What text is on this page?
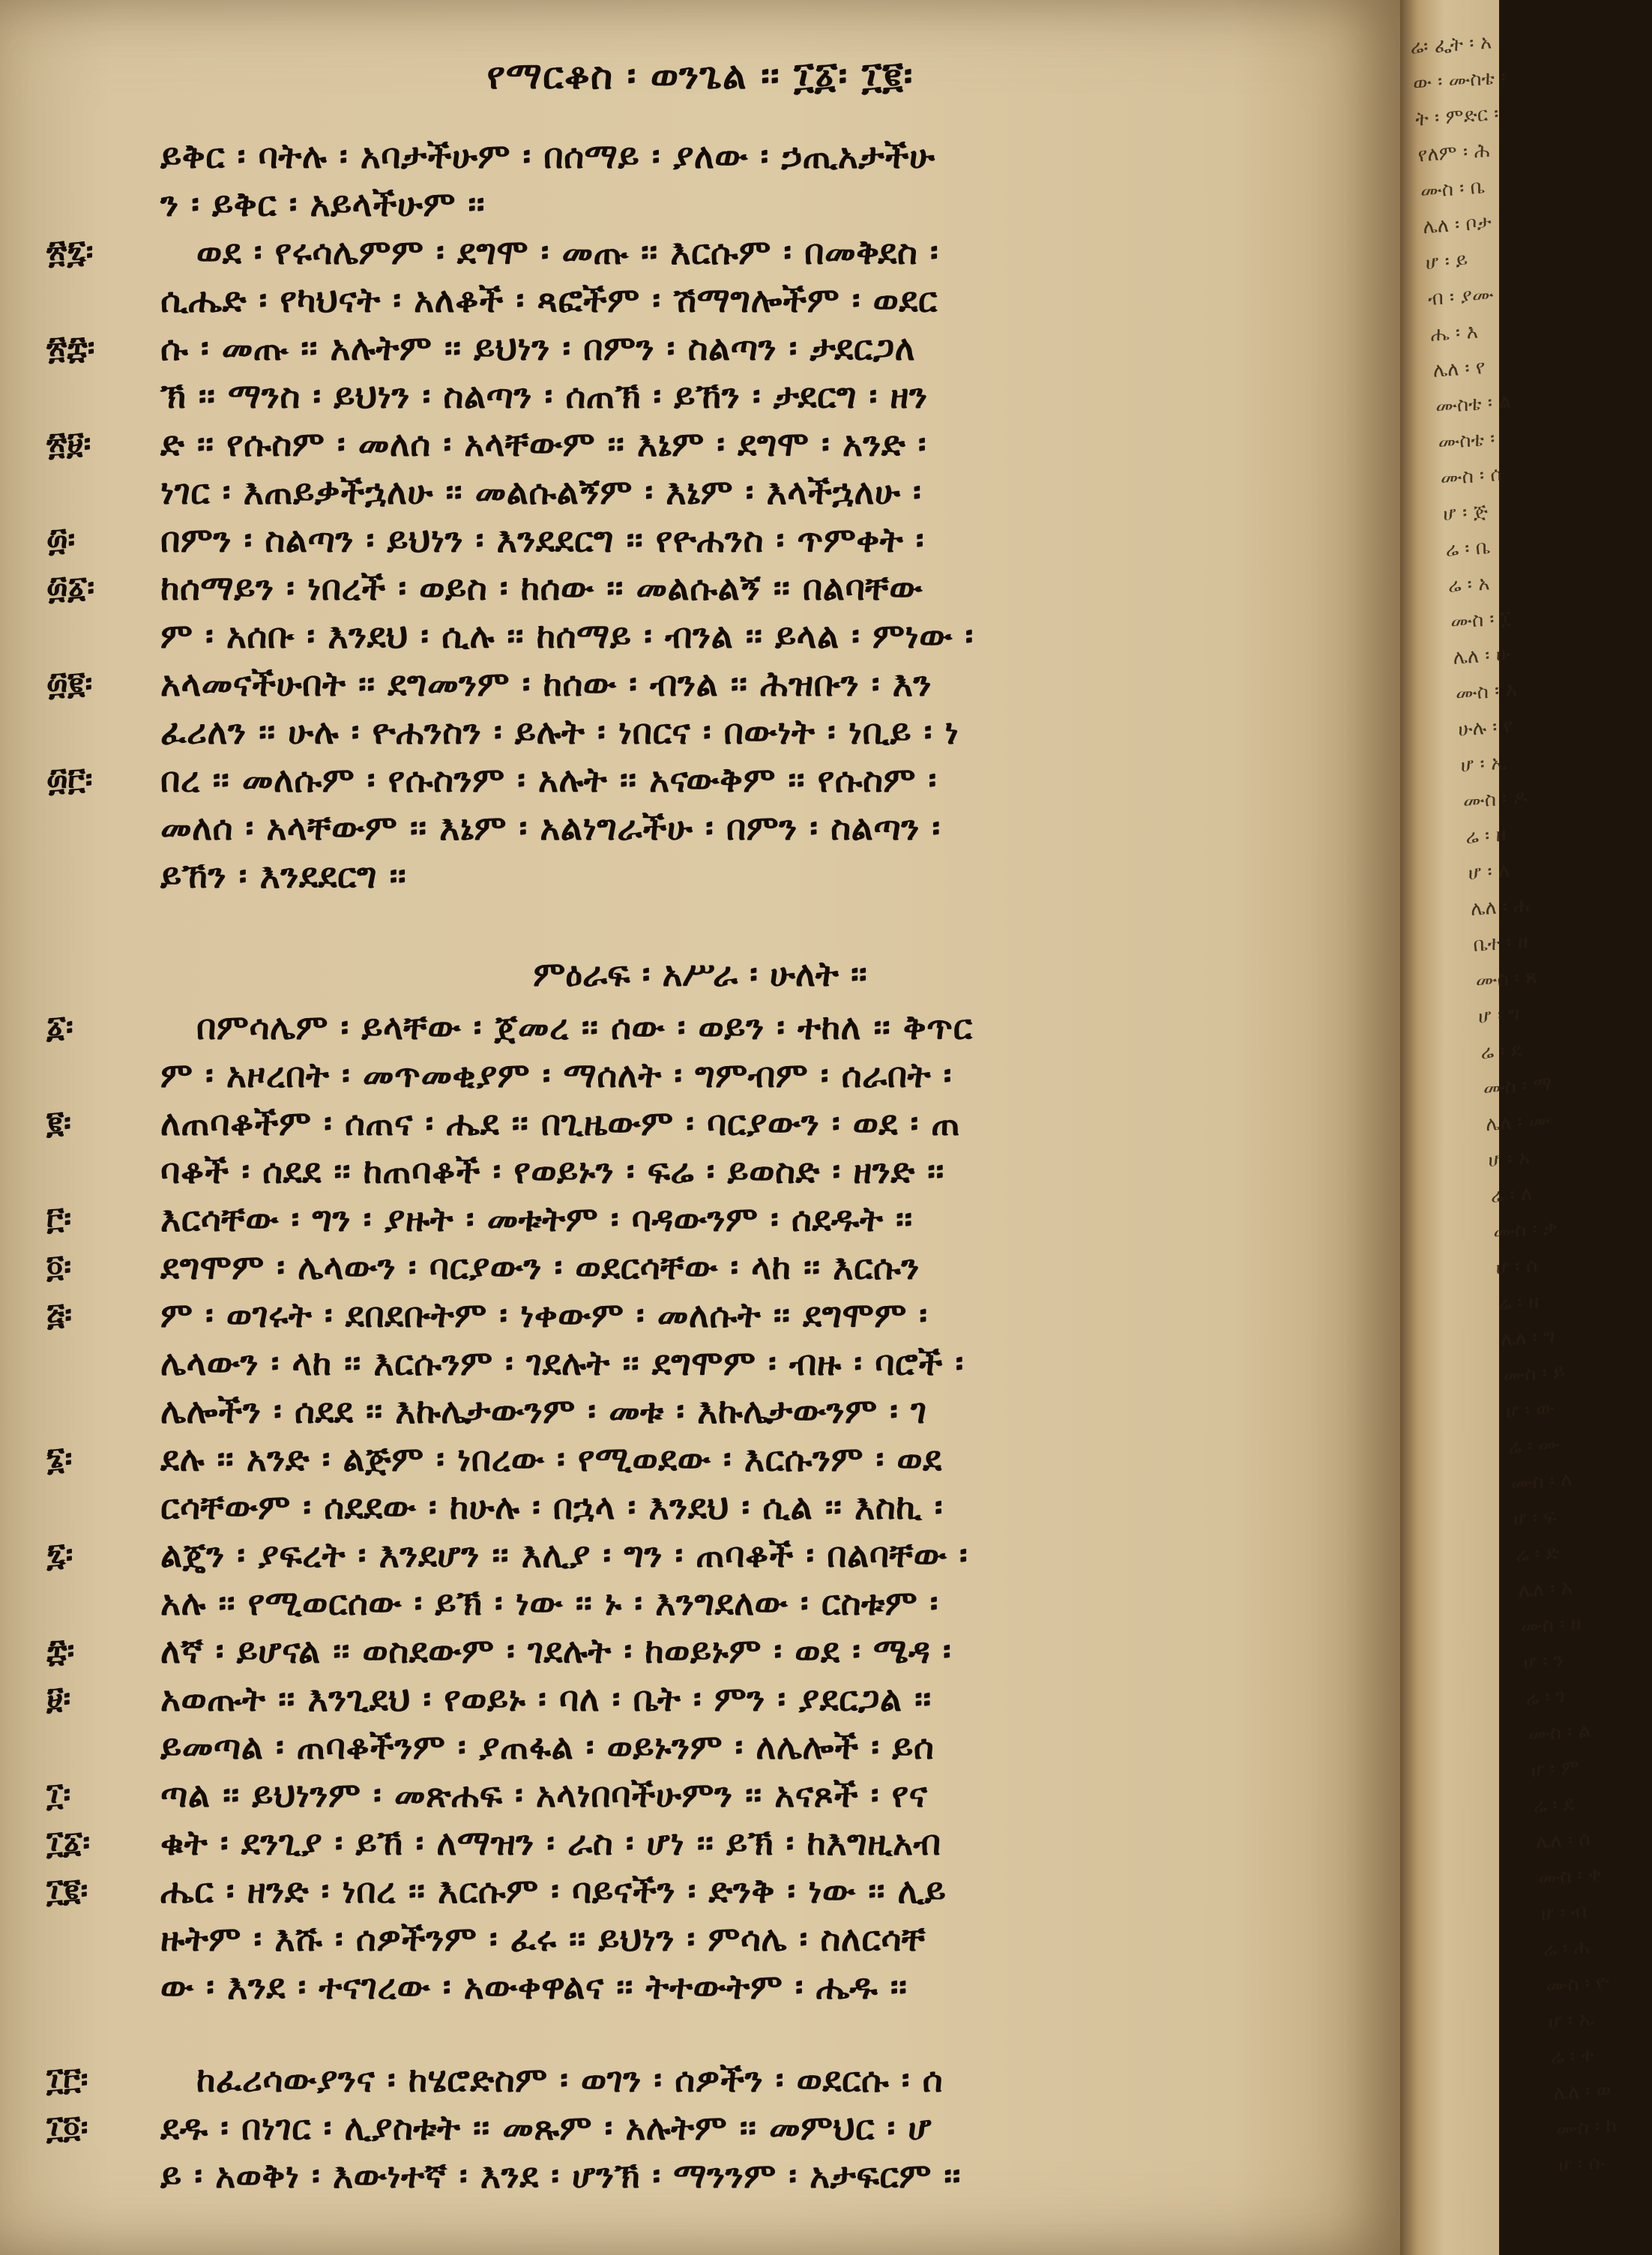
የማርቆስ ፡ ወንጌል ፡፡ ፲፩፡ ፲፪፡
ይቅር ፡ ባትሉ ፡ አባታችሁም ፡ በሰማይ ፡ ያለው ፡ ኃጢአታችሁ
ን ፡ ይቅር ፡ አይላችሁም ፡፡
፳፯፡	ወደ ፡ የሩሳሌምም ፡ ደግሞ ፡ መጡ ፡፡ እርሱም ፡ በመቅደስ ፡
ሲሔድ ፡ የካህናት ፡ አለቆች ፡ ጻፎችም ፡ ሽማግሎችም ፡ ወደር
፳፰፡	ሱ ፡ መጡ ፡፡ አሉትም ፡፡ ይህነን ፡ በምን ፡ ስልጣን ፡ ታደርጋለ
ኽ ፡፡ ማንስ ፡ ይህነን ፡ ስልጣን ፡ ሰጠኽ ፡ ይኸን ፡ ታደርግ ፡ ዘን
፳፱፡	ድ ፡፡ የሱስም ፡ መለሰ ፡ አላቸውም ፡፡ እኔም ፡ ደግሞ ፡ አንድ ፡
ነገር ፡ እጠይቃችኋለሁ ፡፡ መልሱልኝም ፡ እኔም ፡ እላችኋለሁ ፡
፴፡	በምን ፡ ስልጣን ፡ ይህነን ፡ እንደደርግ ፡፡ የዮሐንስ ፡ ጥምቀት ፡
፴፩፡	ከሰማይን ፡ ነበረች ፡ ወይስ ፡ ከሰው ፡፡ መልሱልኝ ፡፡ በልባቸው
ም ፡ አሰቡ ፡ እንደህ ፡ ሲሉ ፡፡ ከሰማይ ፡ ብንል ፡፡ ይላል ፡ ምነው ፡
፴፪፡	አላመናችሁበት ፡፡ ደግመንም ፡ ከሰው ፡ ብንል ፡፡ ሕዝቡን ፡ እን
ፈሪለን ፡፡ ሁሉ ፡ ዮሐንስን ፡ ይሉት ፡ ነበርና ፡ በውነት ፡ ነቢይ ፡ ነ
፴፫፡	በረ ፡፡ መለሱም ፡ የሱስንም ፡ አሉት ፡፡ አናውቅም ፡፡ የሱስም ፡
መለሰ ፡ አላቸውም ፡፡ እኔም ፡ አልነግራችሁ ፡ በምን ፡ ስልጣን ፡
ይኸን ፡ እንደደርግ ፡፡
ምዕራፍ ፡ አሥራ ፡ ሁለት ፡፡
፩፡	በምሳሌም ፡ ይላቸው ፡ ጀመረ ፡፡ ሰው ፡ ወይን ፡ ተከለ ፡፡ ቅጥር
ም ፡ አዞረበት ፡ መጥመቂያም ፡ ማሰለት ፡ ግምብም ፡ ሰራበት ፡
፪፡	ለጠባቆችም ፡ ሰጠና ፡ ሔደ ፡፡ በጊዜውም ፡ ባርያውን ፡ ወደ ፡ ጠ
ባቆች ፡ ሰደደ ፡፡ ከጠባቆች ፡ የወይኑን ፡ ፍሬ ፡ ይወስድ ፡ ዘንድ ፡፡
፫፡	እርሳቸው ፡ ግን ፡ ያዙት ፡ መቱትም ፡ ባዳውንም ፡ ሰደዱት ፡፡
፬፡	ደግሞም ፡ ሌላውን ፡ ባርያውን ፡ ወደርሳቸው ፡ ላከ ፡፡ እርሱን
፭፡	ም ፡ ወገሩት ፡ ደበደቡትም ፡ ነቀውም ፡ መለሱት ፡፡ ደግሞም ፡
ሌላውን ፡ ላከ ፡፡ እርሱንም ፡ ገደሉት ፡፡ ደግሞም ፡ ብዙ ፡ ባሮች ፡
ሌሎችን ፡ ሰደደ ፡፡ እኩሌታውንም ፡ መቱ ፡ እኩሌታውንም ፡ ገ
፮፡	ደሉ ፡፡ አንድ ፡ ልጅም ፡ ነበረው ፡ የሚወደው ፡ እርሱንም ፡ ወደ
ርሳቸውም ፡ ሰደደው ፡ ከሁሉ ፡ በኋላ ፡ እንደህ ፡ ሲል ፡፡ እስኪ ፡
፯፡	ልጄን ፡ ያፍረት ፡ እንደሆን ፡፡ እሊያ ፡ ግን ፡ ጠባቆች ፡ በልባቸው ፡
አሉ ፡፡ የሚወርሰው ፡ ይኽ ፡ ነው ፡፡ ኑ ፡ እንግደለው ፡ ርስቱም ፡
፰፡	ለኛ ፡ ይሆናል ፡፡ ወስደውም ፡ ገደሉት ፡ ከወይኑም ፡ ወደ ፡ ሜዳ ፡
፱፡	አወጡት ፡፡ እንጊደህ ፡ የወይኑ ፡ ባለ ፡ ቤት ፡ ምን ፡ ያደርጋል ፡፡
ይመጣል ፡ ጠባቆችንም ፡ ያጠፋል ፡ ወይኑንም ፡ ለሌሎች ፡ ይሰ
፲፡	ጣል ፡፡ ይህነንም ፡ መጽሐፍ ፡ አላነበባችሁምን ፡፡ አናጾች ፡ የና
፲፩፡	ቁት ፡ ደንጊያ ፡ ይኸ ፡ ለማዝን ፡ ራስ ፡ ሆነ ፡፡ ይኽ ፡ ከእግዚአብ
፲፪፡	ሔር ፡ ዘንድ ፡ ነበረ ፡፡ እርሱም ፡ ባይናችን ፡ ድንቅ ፡ ነው ፡፡ ሊይ
ዙትም ፡ እሹ ፡ ሰዎችንም ፡ ፈሩ ፡፡ ይህነን ፡ ምሳሌ ፡ ስለርሳቸ
ው ፡ እንደ ፡ ተናገረው ፡ አውቀዋልና ፡፡ ትተውትም ፡ ሔዱ ፡፡
፲፫፡	ከፈሪሳውያንና ፡ ከሄሮድስም ፡ ወገን ፡ ሰዎችን ፡ ወደርሱ ፡ ሰ
፲፬፡	ደዱ ፡ በነገር ፡ ሊያስቱት ፡፡ መጹም ፡ አሉትም ፡፡ መምህር ፡ ሆ
ይ ፡ አወቅነ ፡ እውነተኛ ፡ እንደ ፡ ሆንኽ ፡ ማንንም ፡ አታፍርም ፡፡
ሬ፡ ፌት ፡ አ
ው ፡ ሙስቴ ፡
ት ፡ ምድር ፡
የለም ፡ ሕ
ሙስ ፡ ቤ
ሌለ ፡ ቦታ
ሆ ፡ ይ
ብ ፡ ያሙ
ሔ ፡ እ
ሌለ ፡ የ
ሙስቴ ፡ ል
ሙስቴ ፡
ሙስ ፡ ሰ
ሆ ፡ ጅ
ሬ ፡ ቤ
ሬ ፡ አ
ሙስ ፡ ፲
ሌለ ፡ ሁ
ሙስ ፡ እ
ሁሉ ፡ የ
ሆ ፡ ኢ
ሙስ ፡ ዶ
ሬ ፡ ዘ
ሆ ፡ ለ
ሌለ ፡ ሐ
ቤተ ፡ ዘ
ሙስ ፡ ጸ
ሆ ፡ ግ
ሬ ፡ ደ
ሙስ ፡ ማ
ሌለ ፡ ሙ
ሆ ፡ አ
ሬ ፡ ለ
ሙስ ፡ ቃ
ሆ ፡ ሰ
ሬ ፡ ዘ
ሌለ ፡ ግ
ሙስ ፡ ይ
ሆ ፡ ው
ሬ ፡ ሙ
ሙስ ፡ ለ
ሆ ፡ ፍ
ሬ ፡ ድ
ሌለ ፡ አ
ሙስ ፡ ዘ
ሆ ፡ ን
ሬ ፡ ገ
ሙስ ፡ ል
ሆ ፡ ም
ሬ ፡ ደ
ሌለ ፡ ሰ
ሙስ ፡ ቀ
ሆ ፡ ብ
ሬ ፡ ሐ
ሙስ ፡ ዮ
ሆ ፡ ኤ
ሬ ፡ ተ
ሌለ ፡ ወ
ሙስ ፡ ከ
ሆ ፡ ሱ
